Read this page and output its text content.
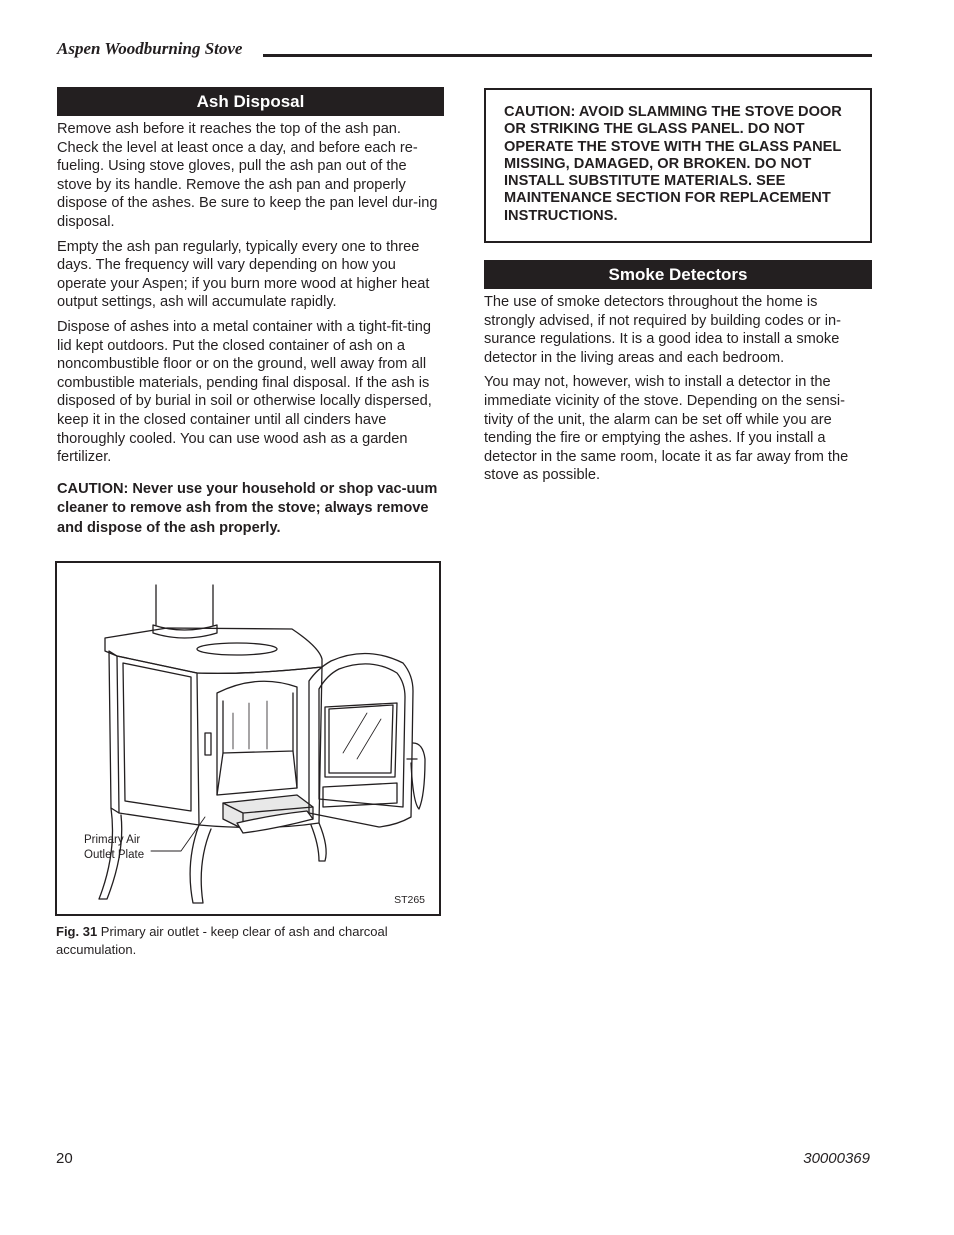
Aspen Woodburning Stove
Ash Disposal

Remove ash before it reaches the top of the ash pan. Check the level at least once a day, and before each re-fueling. Using stove gloves, pull the ash pan out of the stove by its handle. Remove the ash pan and properly dispose of the ashes. Be sure to keep the pan level dur-ing disposal.

Empty the ash pan regularly, typically every one to three days. The frequency will vary depending on how you operate your Aspen; if you burn more wood at higher heat output settings, ash will accumulate rapidly.

Dispose of ashes into a metal container with a tight-fit-ting lid kept outdoors. Put the closed container of ash on a noncombustible floor or on the ground, well away from all combustible materials, pending final disposal. If the ash is disposed of by burial in soil or otherwise locally dispersed, keep it in the closed container until all cinders have thoroughly cooled. You can use wood ash as a garden fertilizer.

CAUTION: Never use your household or shop vac-uum cleaner to remove ash from the stove; always remove and dispose of the ash properly.
Primary Air Outlet Plate
ST265
Fig. 31 Primary air outlet - keep clear of ash and charcoal accumulation.
CAUTION: AVOID SLAMMING THE STOVE DOOR OR STRIKING THE GLASS PANEL. DO NOT OPERATE THE STOVE WITH THE GLASS PANEL MISSING, DAMAGED, OR BROKEN. DO NOT INSTALL SUBSTITUTE MATERIALS. SEE MAINTENANCE SECTION FOR REPLACEMENT INSTRUCTIONS.
Smoke Detectors

The use of smoke detectors throughout the home is strongly advised, if not required by building codes or in-surance regulations. It is a good idea to install a smoke detector in the living areas and each bedroom.

You may not, however, wish to install a detector in the immediate vicinity of the stove. Depending on the sensi-tivity of the unit, the alarm can be set off while you are tending the fire or emptying the ashes. If you install a detector in the same room, locate it as far away from the stove as possible.

20	30000369
